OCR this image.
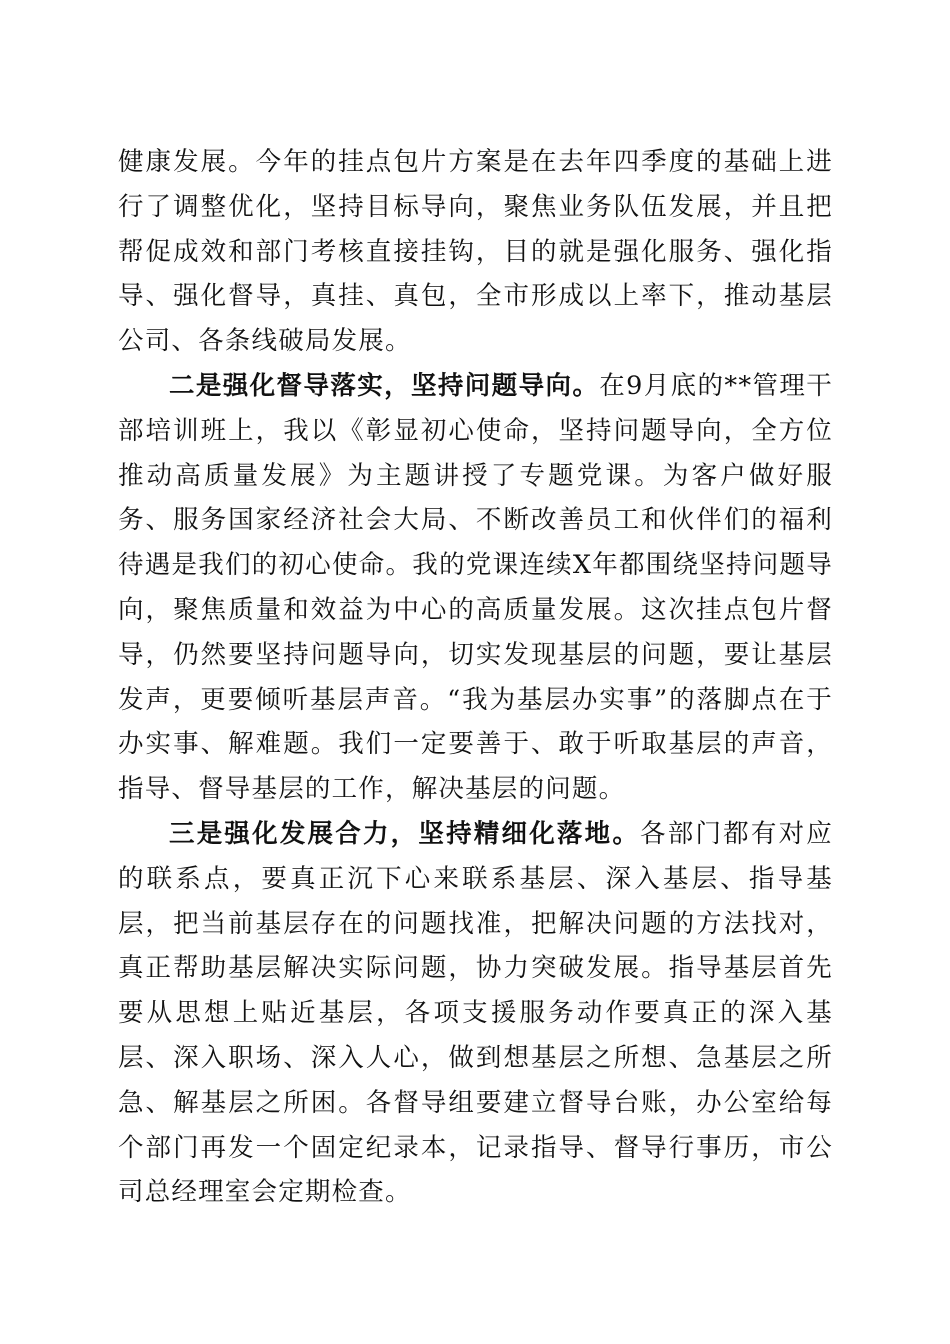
健康发展。今年的挂点包片方案是在去年四季度的基础上进行了调整优化，坚持目标导向，聚焦业务队伍发展，并且把帮促成效和部门考核直接挂钩，目的就是强化服务、强化指导、强化督导，真挂、真包，全市形成以上率下，推动基层公司、各条线破局发展。

二是强化督导落实，坚持问题导向。在9月底的**管理干部培训班上，我以《彰显初心使命，坚持问题导向，全方位推动高质量发展》为主题讲授了专题党课。为客户做好服务、服务国家经济社会大局、不断改善员工和伙伴们的福利待遇是我们的初心使命。我的党课连续X年都围绕坚持问题导向，聚焦质量和效益为中心的高质量发展。这次挂点包片督导，仍然要坚持问题导向，切实发现基层的问题，要让基层发声，更要倾听基层声音。“我为基层办实事”的落脚点在于办实事、解难题。我们一定要善于、敢于听取基层的声音，指导、督导基层的工作，解决基层的问题。

三是强化发展合力，坚持精细化落地。各部门都有对应的联系点，要真正沉下心来联系基层、深入基层、指导基层，把当前基层存在的问题找准，把解决问题的方法找对，真正帮助基层解决实际问题，协力突破发展。指导基层首先要从思想上贴近基层，各项支援服务动作要真正的深入基层、深入职场、深入人心，做到想基层之所想、急基层之所急、解基层之所困。各督导组要建立督导台账，办公室给每个部门再发一个固定纪录本，记录指导、督导行事历，市公司总经理室会定期检查。
